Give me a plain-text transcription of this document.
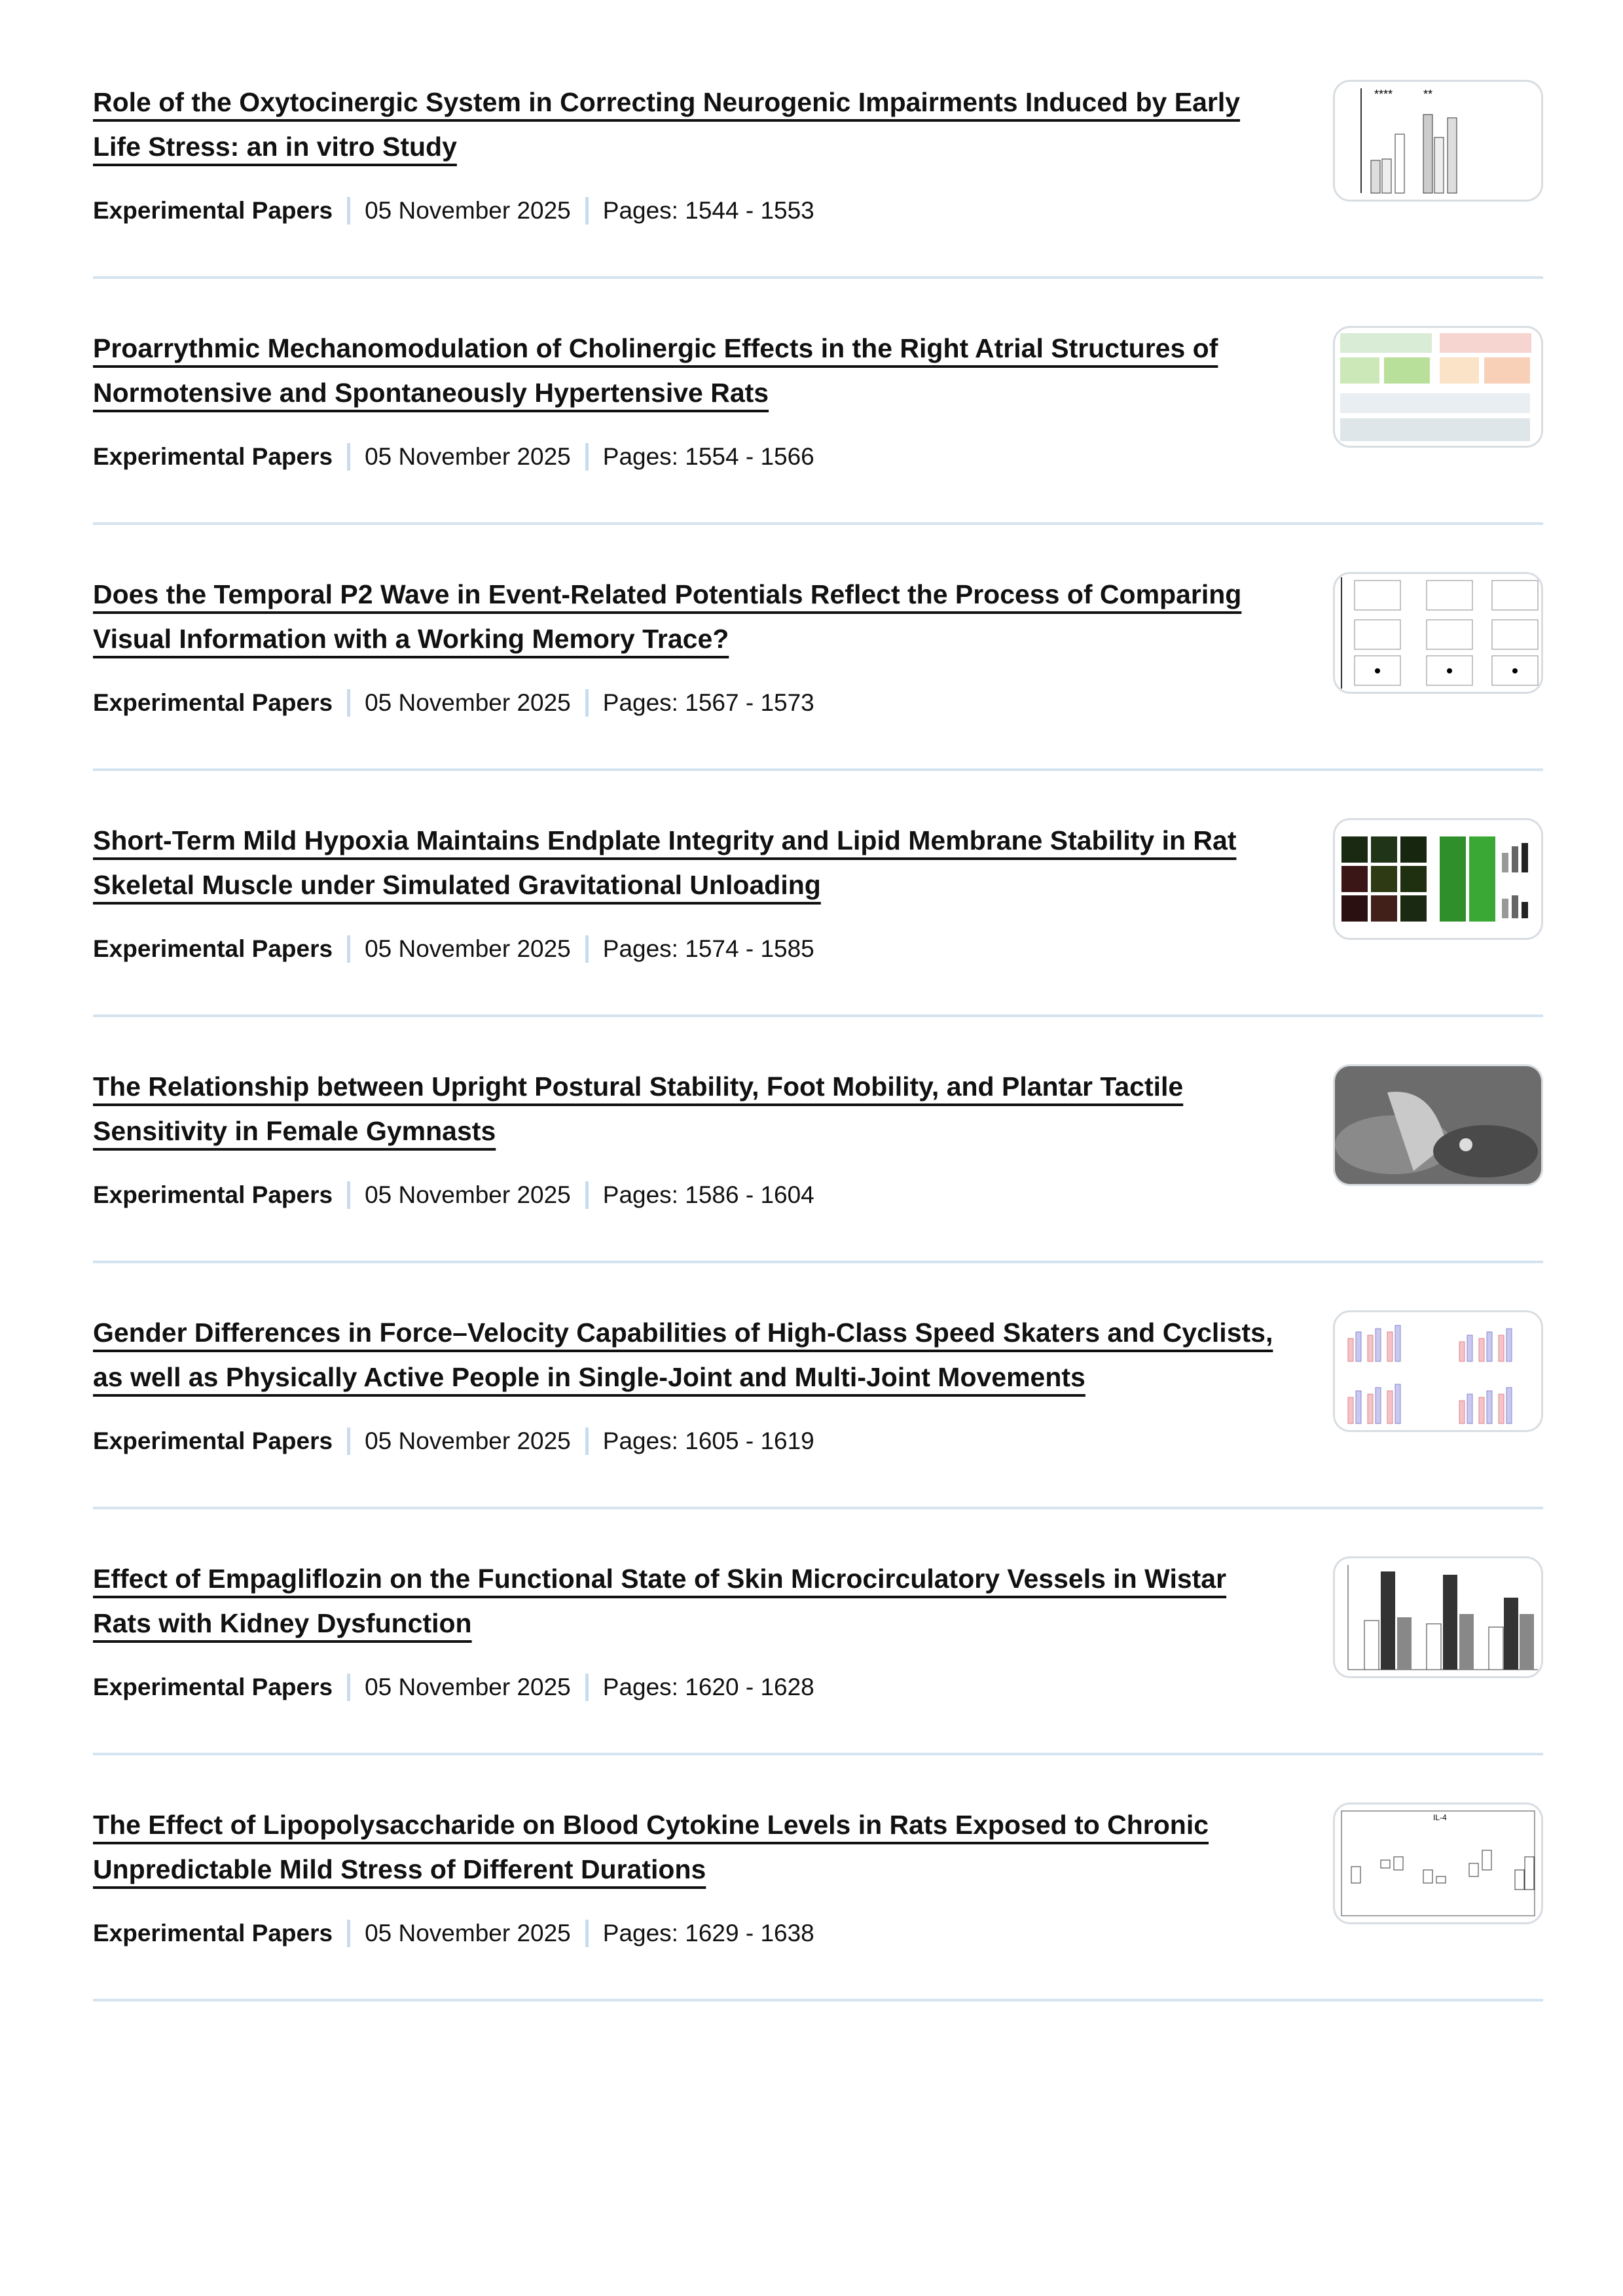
Role of the Oxytocinergic System in Correcting Neurogenic Impairments Induced by Early Life Stress: an in vitro Study
Experimental Papers 05 November 2025 Pages:
1544 - 1553
****	**
Proarrythmic Mechanomodulation of Cholinergic Effects in the Right Atrial Structures of Normotensive and Spontaneously Hypertensive Rats
Experimental Papers 05 November 2025 Pages:
1554 - 1566
Does the Temporal P2 Wave in Event-Related Potentials Reflect the Process of Comparing Visual Information with a Working Memory Trace?
Experimental Papers 05 November 2025 Pages:
1567 - 1573
Short-Term Mild Hypoxia Maintains Endplate Integrity and Lipid Membrane Stability in Rat Skeletal Muscle under Simulated Gravitational Unloading
Experimental Papers 05 November 2025 Pages:
1574 - 1585
The Relationship between Upright Postural Stability, Foot Mobility, and Plantar Tactile Sensitivity in Female Gymnasts
Experimental Papers 05 November 2025 Pages:
1586 - 1604
Gender Differences in Force–Velocity Capabilities of High-Class Speed Skaters and Cyclists, as well as Physically Active People in Single-Joint and Multi-Joint Movements
Experimental Papers 05 November 2025 Pages:
1605 - 1619
Effect of Empagliflozin on the Functional State of Skin Microcirculatory Vessels in Wistar Rats with Kidney Dysfunction
Experimental Papers 05 November 2025 Pages:
1620 - 1628
The Effect of Lipopolysaccharide on Blood Cytokine Levels in Rats Exposed to Chronic Unpredictable Mild Stress of Different Durations
Experimental Papers 05 November 2025 Pages:
1629 - 1638
IL-4
